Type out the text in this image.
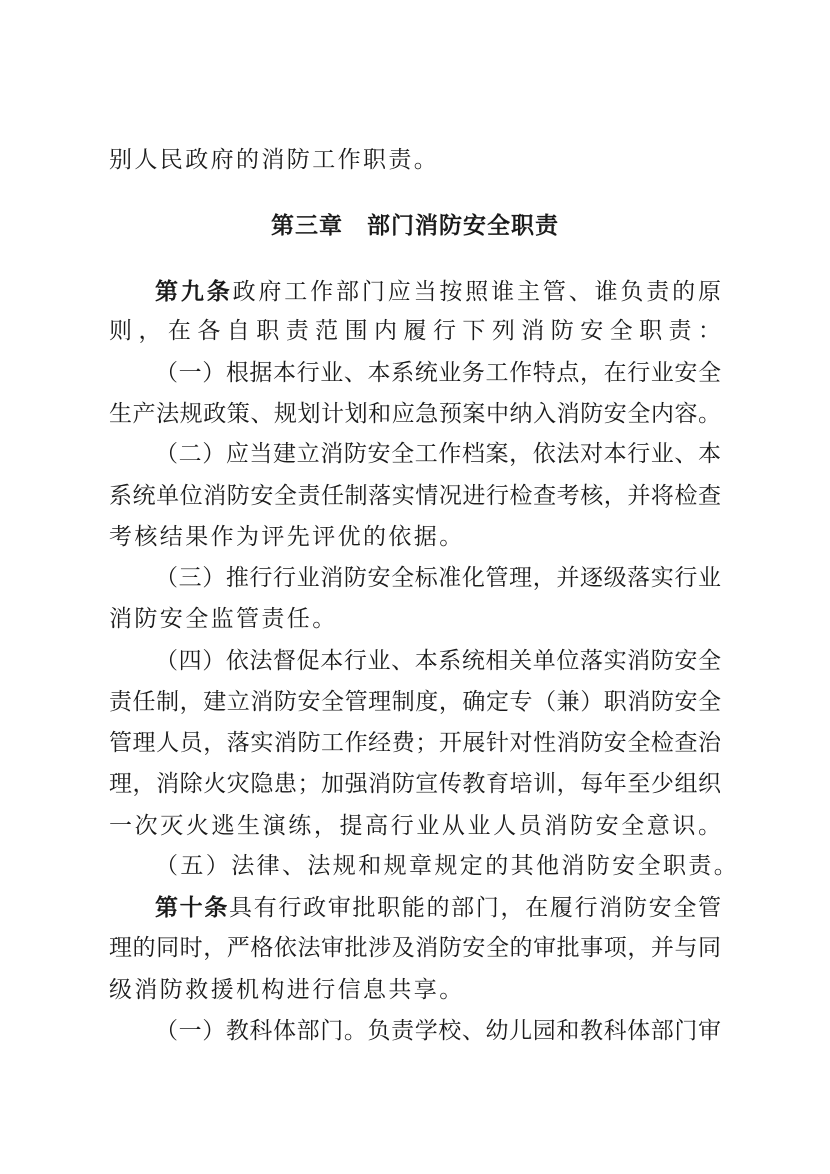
别人民政府的消防工作职责。
第三章 部门消防安全职责
第九条政府工作部门应当按照谁主管、谁负责的原
则，在各自职责范围内履行下列消防安全职责：
（一）根据本行业、本系统业务工作特点，在行业安全
生产法规政策、规划计划和应急预案中纳入消防安全内容。
（二）应当建立消防安全工作档案，依法对本行业、本
系统单位消防安全责任制落实情况进行检查考核，并将检查
考核结果作为评先评优的依据。
（三）推行行业消防安全标准化管理，并逐级落实行业
消防安全监管责任。
（四）依法督促本行业、本系统相关单位落实消防安全
责任制，建立消防安全管理制度，确定专（兼）职消防安全
管理人员，落实消防工作经费；开展针对性消防安全检查治
理，消除火灾隐患；加强消防宣传教育培训，每年至少组织
一次灭火逃生演练，提高行业从业人员消防安全意识。
（五）法律、法规和规章规定的其他消防安全职责。
第十条具有行政审批职能的部门，在履行消防安全管
理的同时，严格依法审批涉及消防安全的审批事项，并与同
级消防救援机构进行信息共享。
（一）教科体部门。负责学校、幼儿园和教科体部门审
